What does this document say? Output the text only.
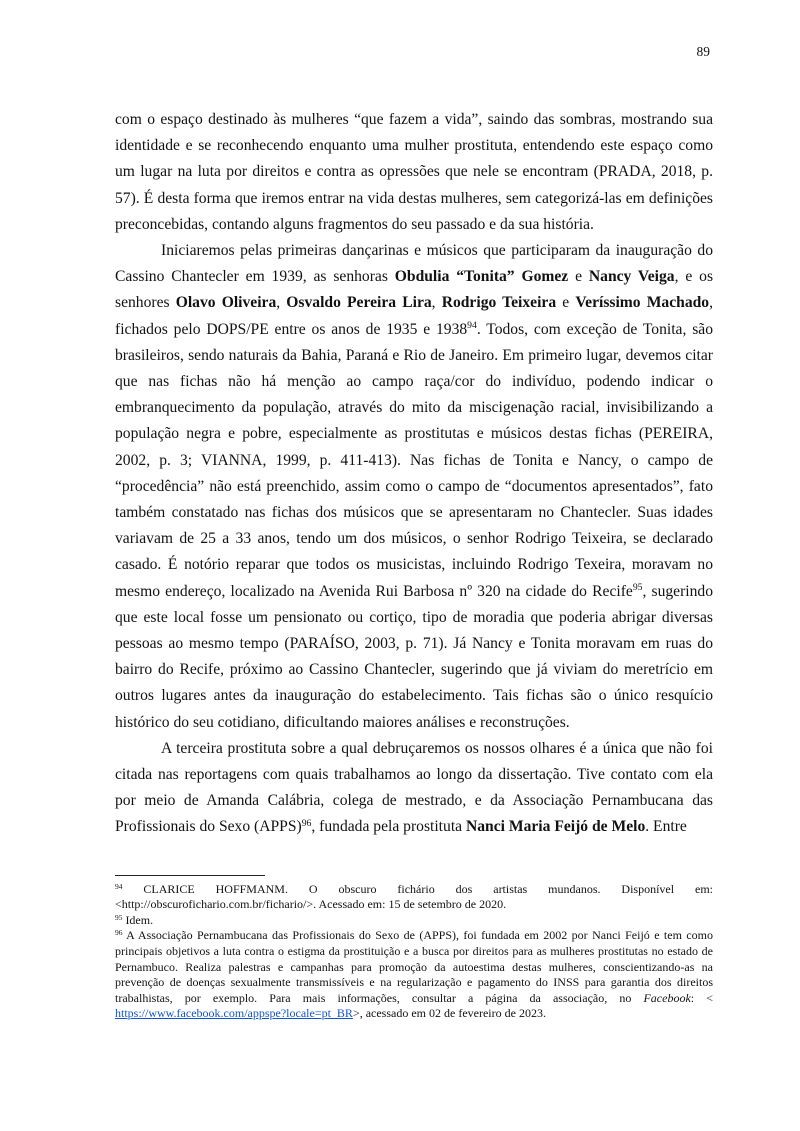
89

com o espaço destinado às mulheres “que fazem a vida”, saindo das sombras, mostrando sua identidade e se reconhecendo enquanto uma mulher prostituta, entendendo este espaço como um lugar na luta por direitos e contra as opressões que nele se encontram (PRADA, 2018, p. 57). É desta forma que iremos entrar na vida destas mulheres, sem categorizá-las em definições preconcebidas, contando alguns fragmentos do seu passado e da sua história.

Iniciaremos pelas primeiras dançarinas e músicos que participaram da inauguração do Cassino Chantecler em 1939, as senhoras Obdulia “Tonita” Gomez e Nancy Veiga, e os senhores Olavo Oliveira, Osvaldo Pereira Lira, Rodrigo Teixeira e Veríssimo Machado, fichados pelo DOPS/PE entre os anos de 1935 e 1938$^{94}$. Todos, com exceção de Tonita, são brasileiros, sendo naturais da Bahia, Paraná e Rio de Janeiro. Em primeiro lugar, devemos citar que nas fichas não há menção ao campo raça/cor do indivíduo, podendo indicar o embranquecimento da população, através do mito da miscigenação racial, invisibilizando a população negra e pobre, especialmente as prostitutas e músicos destas fichas (PEREIRA, 2002, p. 3; VIANNA, 1999, p. 411-413). Nas fichas de Tonita e Nancy, o campo de “procedência” não está preenchido, assim como o campo de “documentos apresentados”, fato também constatado nas fichas dos músicos que se apresentaram no Chantecler. Suas idades variavam de 25 a 33 anos, tendo um dos músicos, o senhor Rodrigo Teixeira, se declarado casado. É notório reparar que todos os musicistas, incluindo Rodrigo Texeira, moravam no mesmo endereço, localizado na Avenida Rui Barbosa nº 320 na cidade do Recife$^{95}$, sugerindo que este local fosse um pensionato ou cortiço, tipo de moradia que poderia abrigar diversas pessoas ao mesmo tempo (PARAÍSO, 2003, p. 71). Já Nancy e Tonita moravam em ruas do bairro do Recife, próximo ao Cassino Chantecler, sugerindo que já viviam do meretrício em outros lugares antes da inauguração do estabelecimento. Tais fichas são o único resquício histórico do seu cotidiano, dificultando maiores análises e reconstruções.

A terceira prostituta sobre a qual debruçaremos os nossos olhares é a única que não foi citada nas reportagens com quais trabalhamos ao longo da dissertação. Tive contato com ela por meio de Amanda Calábria, colega de mestrado, e da Associação Pernambucana das Profissionais do Sexo (APPS)$^{96}$, fundada pela prostituta Nanci Maria Feijó de Melo. Entre

$^{94}$ CLARICE HOFFMANM. O obscuro fichário dos artistas mundanos. Disponível em: <http://obscurofichario.com.br/fichario/>. Acessado em: 15 de setembro de 2020.

$^{95}$ Idem.

$^{96}$ A Associação Pernambucana das Profissionais do Sexo de (APPS), foi fundada em 2002 por Nanci Feijó e tem como principais objetivos a luta contra o estigma da prostituição e a busca por direitos para as mulheres prostitutas no estado de Pernambuco. Realiza palestras e campanhas para promoção da autoestima destas mulheres, conscientizando-as na prevenção de doenças sexualmente transmissíveis e na regularização e pagamento do INSS para garantia dos direitos trabalhistas, por exemplo. Para mais informações, consultar a página da associação, no Facebook: < https://www.facebook.com/appspe?locale=pt_BR>, acessado em 02 de fevereiro de 2023.
